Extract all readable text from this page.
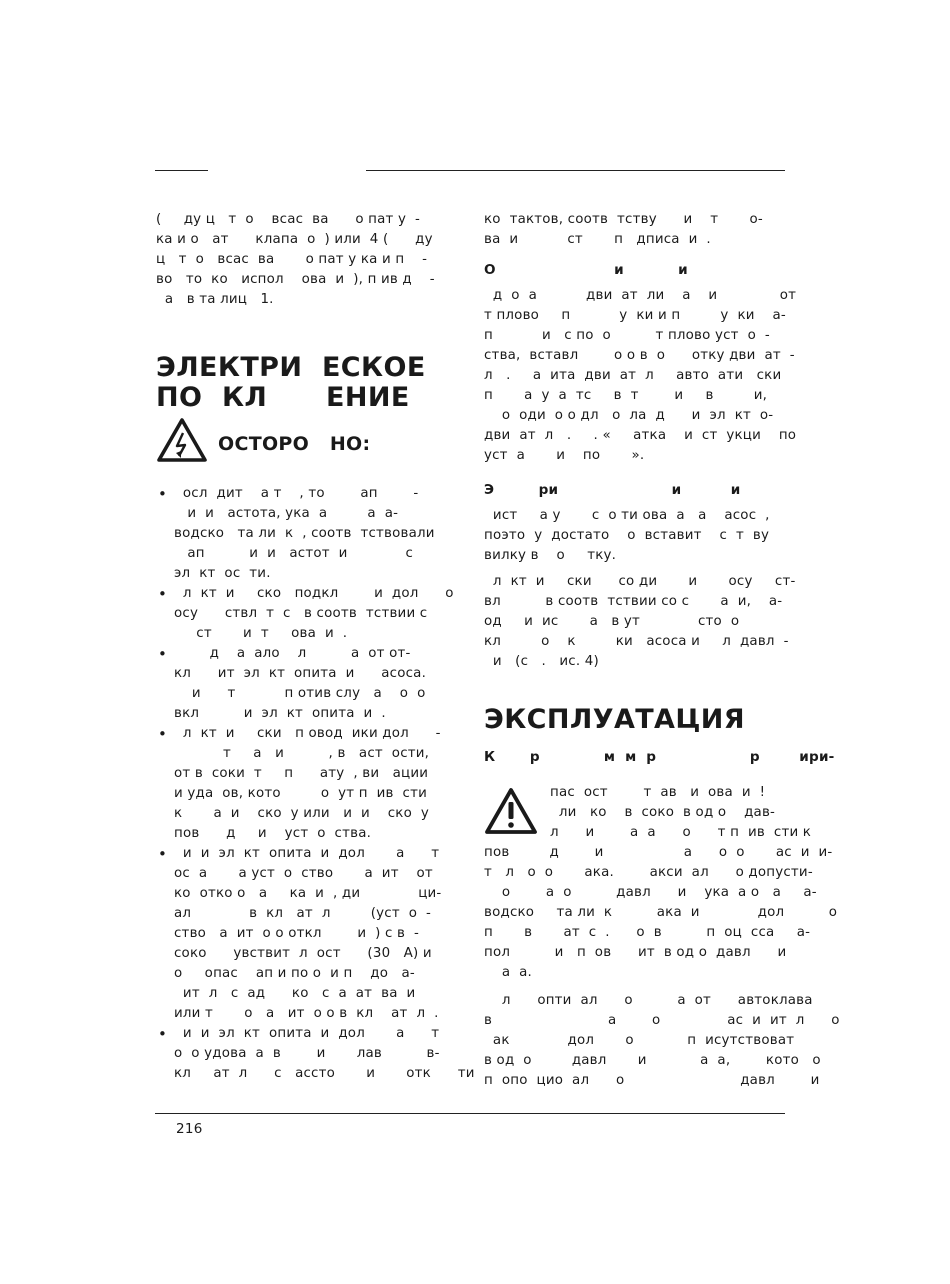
(     ду ц   т  о    всас  ва      о пат у  -

ка и о   ат      клапа  о  ) или  4 (      ду

ц   т  о   всас  ва       о пат у ка и п    -

во   то  ко   испол    ова  и  ), п ив д    -

а   в та лиц   1.

ЭЛЕКТРИ  ЕСКОЕ

ПО  КЛ      ЕНИЕ

ОСТОРО   НО:

•   осл  дит    а т    , то        ап        -

и  и   астота, ука  а         а  а-

водско   та ли  к  , соотв  тствовали

ап          и  и   астот  и             с

эл  кт  ос  ти.

•   л  кт  и     ско   подкл        и  дол      о

осу      ствл  т  с   в соотв  тствии с

ст       и  т     ова  и  .

•         д    а  ало    л          а  от от-

кл      ит  эл  кт  опита  и      асоса.

и      т           п отив слу   а    о  о

вкл          и  эл  кт  опита  и  .

•   л  кт  и     ски   п овод  ики дол      -

т     а   и          , в   аст  ости,

от в  соки  т     п      ату  , ви   ации

и уда  ов, кото         о  ут п  ив  сти

к       а  и    ско  у или   и  и    ско  у

пов      д     и    уст  о  ства.

•   и  и  эл  кт  опита  и  дол       а      т

ос  а       а уст  о  ство       а  ит    от

ко  отко о   а     ка  и  , ди             ци-

ал             в  кл   ат  л         (уст  о  -

ство   а  ит  о о откл        и  ) с в  -

соко      увствит  л  ост      (30   А) и

о     опас    ап и по о  и п    до   а-

ит  л   с  ад      ко   с  а  ат  ва  и

или т       о   а   ит  о о в  кл    ат  л  .

•   и  и  эл  кт  опита  и  дол       а      т

о  о удова  а  в        и       лав          в-

кл     ат  л      с   ассто       и       отк      ти

ко  тактов, соотв  тству      и    т       о-

ва  и           ст       п   дписа  и  .

О                        и           и

д  о  а           дви  ат  ли    а    и              от

т плово     п           у  ки и п         у  ки    а-

п           и   с по  о          т плово уст  о  -

ства,  вставл        о о в  о      отку дви  ат  -

л   .     а  ита  дви  ат  л     авто  ати   ски

п       а  у  а  тс     в  т        и     в         и,

о  оди  о о дл   о  ла  д      и  эл  кт  о-

дви  ат  л   .     . «     атка    и  ст  укци    по

уст  а       и    по       ».

Э         ри                       и          и

ист     а у       с  о ти ова  а   а    асос  ,

поэто  у  достато    о  вставит    с  т  ву

вилку в    о     тку.

л  кт  и     ски      со ди       и       осу     ст-

вл          в соотв  тствии со с       а  и,    а-

од     и  ис       а   в ут             сто  о

кл         о    к         ки   асоса и     л  давл  -

и   (с   .   ис. 4)

ЭКСПЛУАТАЦИЯ

К       р             м  м  р                   р        ири-

пас  ост        т  ав   и  ова  и  !

ли   ко    в  соко  в од о    дав-

л      и        а  а      о      т п  ив  сти к

пов         д        и                  а      о  о       ас  и  и-

т   л   о  о       ака.        акси  ал      о допусти-

о        а  о          давл      и    ука  а о   а     а-

водско     та ли  к          ака  и             дол          о

п       в       ат  с  .      о  в          п  оц  сса     а-

пол          и   п  ов      ит  в од о  давл      и

а  а.

л      опти  ал      о          а  от      автоклава

в                          а        о               ас  и  ит  л      о

ак             дол       о            п  исутствоват

в од  о         давл       и            а  а,        кото   о

п  опо  цио  ал      о                          давл        и

216
